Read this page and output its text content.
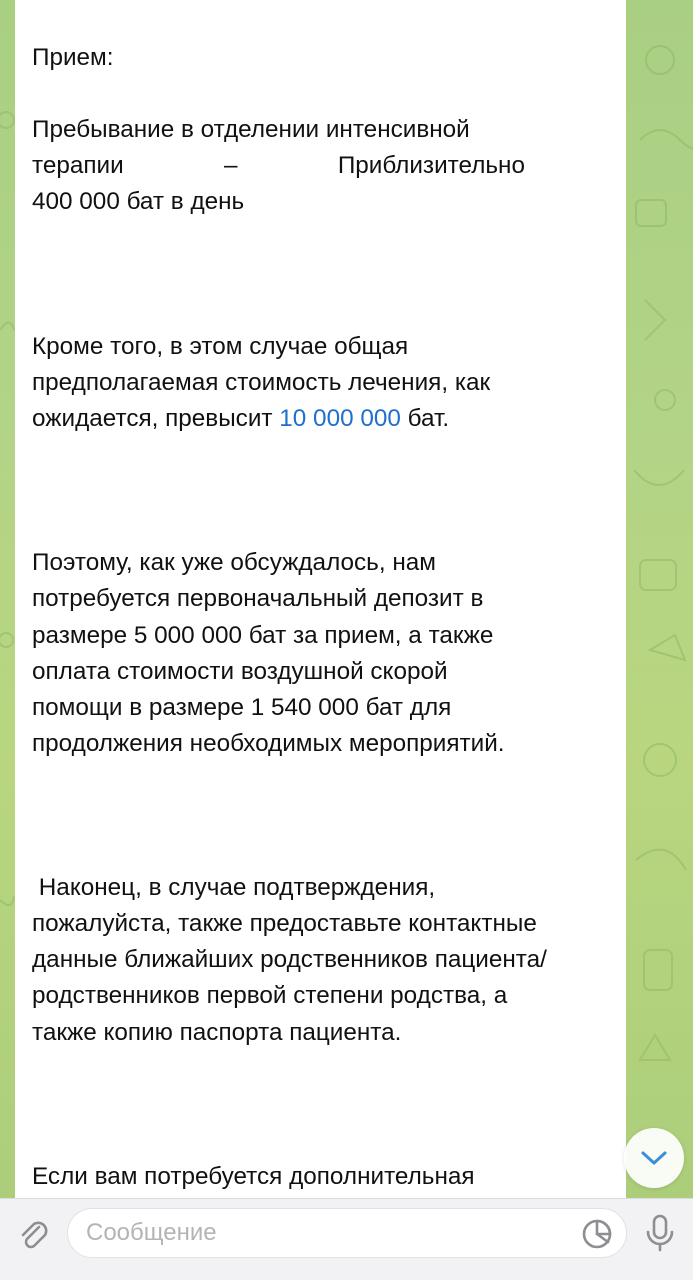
Прием:

Пребывание в отделении интенсивной

терапии	–	Приблизительно
400 000 бат в день

Кроме того, в этом случае общая
предполагаемая стоимость лечения, как
ожидается, превысит 10 000 000 бат.

Поэтому, как уже обсуждалось, нам
потребуется первоначальный депозит в
размере 5 000 000 бат за прием, а также
оплата стоимости воздушной скорой
помощи в размере 1 540 000 бат для
продолжения необходимых мероприятий.

Наконец, в случае подтверждения,
пожалуйста, также предоставьте контактные
данные ближайших родственников пациента/
родственников первой степени родства, а
также копию паспорта пациента.

Если вам потребуется дополнительная
Сообщение
